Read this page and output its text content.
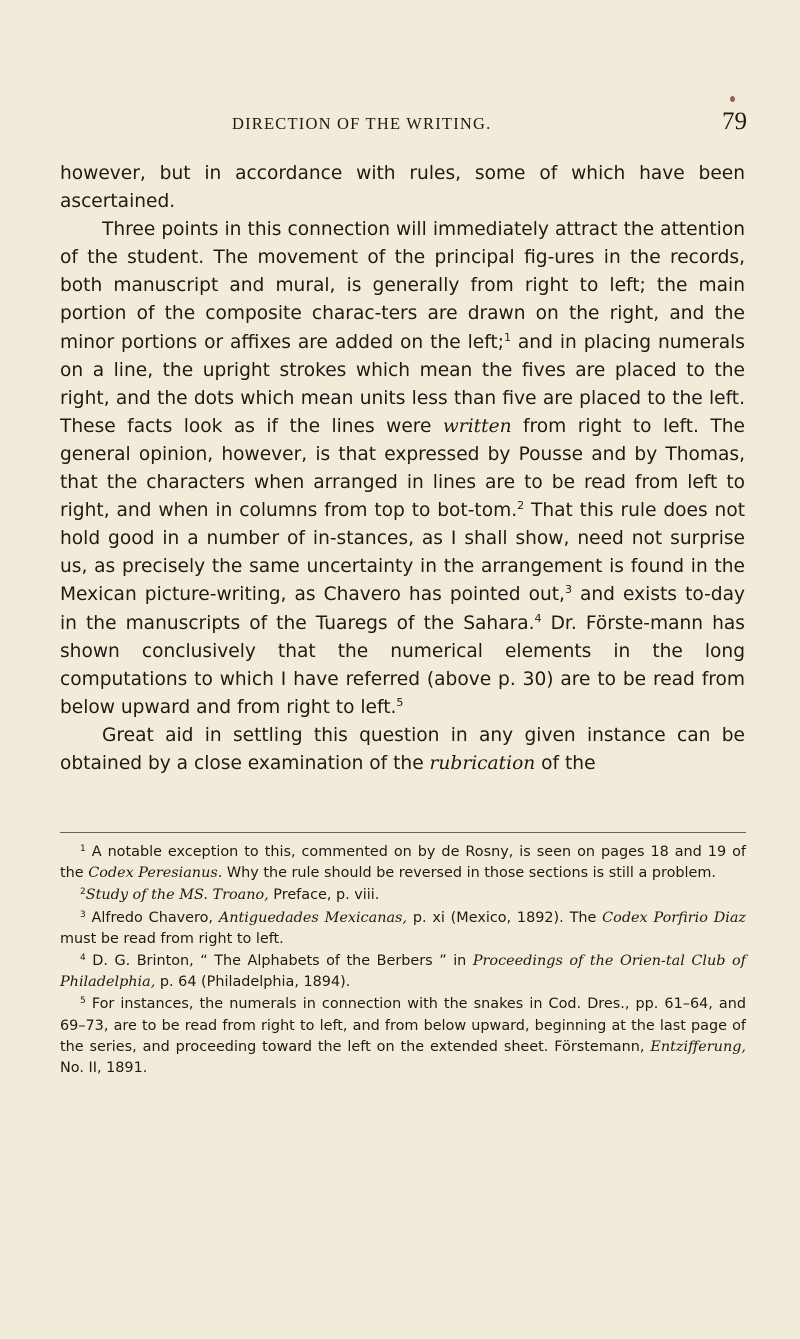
DIRECTION OF THE WRITING.	79

however, but in accordance with rules, some of which have been ascertained.

Three points in this connection will immediately attract the attention of the student. The movement of the principal fig-ures in the records, both manuscript and mural, is generally from right to left; the main portion of the composite charac-ters are drawn on the right, and the minor portions or affixes are added on the left;$^1$ and in placing numerals on a line, the upright strokes which mean the fives are placed to the right, and the dots which mean units less than five are placed to the left. These facts look as if the lines were written from right to left. The general opinion, however, is that expressed by Pousse and by Thomas, that the characters when arranged in lines are to be read from left to right, and when in columns from top to bot-tom.$^2$ That this rule does not hold good in a number of in-stances, as I shall show, need not surprise us, as precisely the same uncertainty in the arrangement is found in the Mexican picture-writing, as Chavero has pointed out,$^3$ and exists to-day in the manuscripts of the Tuaregs of the Sahara.$^4$ Dr. Förste-mann has shown conclusively that the numerical elements in the long computations to which I have referred (above p. 30) are to be read from below upward and from right to left.$^5$

Great aid in settling this question in any given instance can be obtained by a close examination of the rubrication of the

$^1$ A notable exception to this, commented on by de Rosny, is seen on pages 18 and 19 of the Codex Peresianus. Why the rule should be reversed in those sections is still a problem.

$^2$Study of the MS. Troano, Preface, p. viii.

$^3$ Alfredo Chavero, Antiguedades Mexicanas, p. xi (Mexico, 1892). The Codex Porfirio Diaz must be read from right to left.

$^4$ D. G. Brinton, “ The Alphabets of the Berbers ” in Proceedings of the Orien-tal Club of Philadelphia, p. 64 (Philadelphia, 1894).

$^5$ For instances, the numerals in connection with the snakes in Cod. Dres., pp. 61–64, and 69–73, are to be read from right to left, and from below upward, beginning at the last page of the series, and proceeding toward the left on the extended sheet. Förstemann, Entzifferung, No. II, 1891.
